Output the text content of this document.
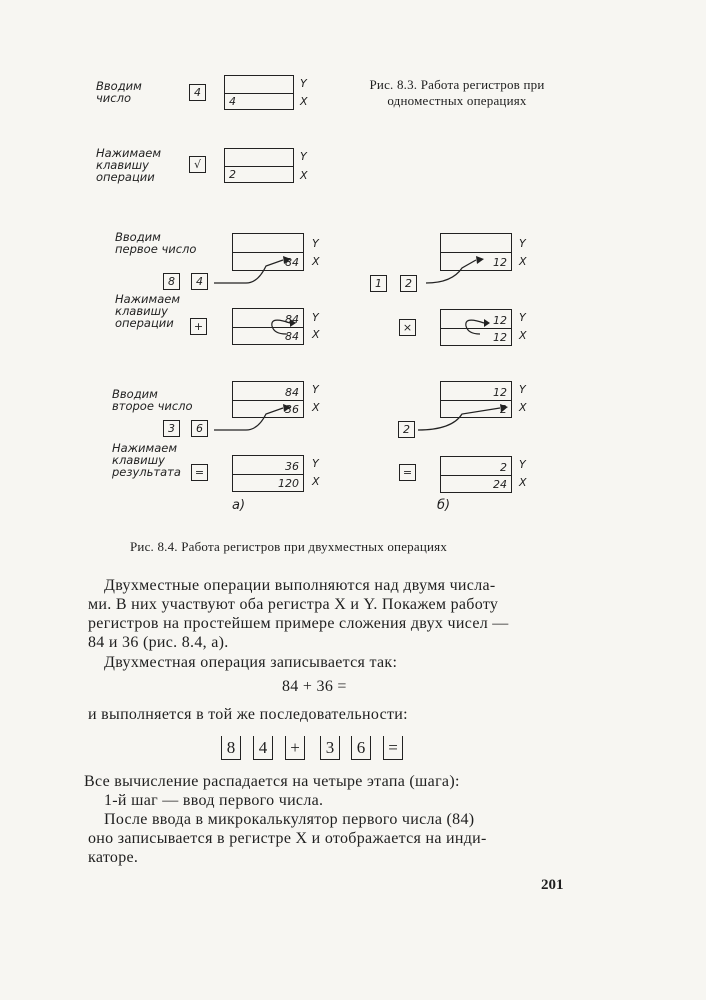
Вводим
число	4
4
Y
X
Рис. 8.3. Работа регистров при одноместных операциях
Нажимаем
клавишу
операции
√
2
Y
X
Вводим
первое число
Нажимаем
клавишу
операции
Вводим
второе число
Нажимаем
клавишу
результата
84
Y
X
8	4
+
84
84
Y
X
84
36
Y
X
3	6
=	36
120
Y
X
а)
12
Y
X
1	2
×
12
12
Y
X
12
2
Y
X
2
=	2
24
Y
X
б)
Рис. 8.4. Работа регистров при двухместных операциях
Двухместные операции выполняются над двумя числа-
ми. В них участвуют оба регистра X и Y. Покажем работу
регистров на простейшем примере сложения двух чисел —
84 и 36 (рис. 8.4, а).
Двухместная операция записывается так:
84 + 36 =
и выполняется в той же последовательности:
8	4	+	3	6	=
Все вычисление распадается на четыре этапа (шага):
1-й шаг — ввод первого числа.
После ввода в микрокалькулятор первого числа (84)
оно записывается в регистре X и отображается на инди-
каторе.
201
